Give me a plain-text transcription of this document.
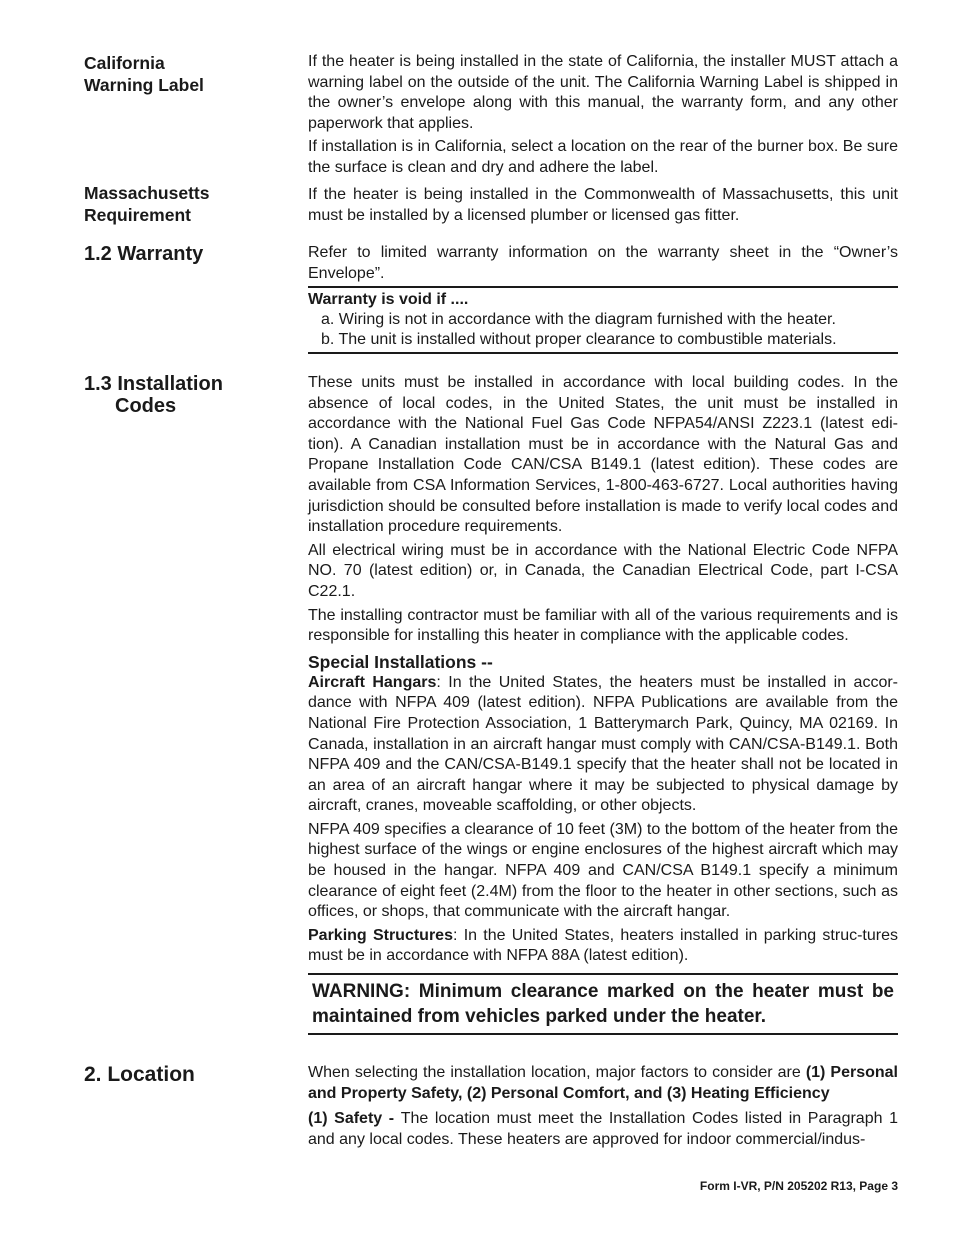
California
Warning Label

If the heater is being installed in the state of California, the installer MUST attach a warning label on the outside of the unit. The California Warning Label is shipped in the owner’s envelope along with this manual, the warranty form, and any other paperwork that applies.

If installation is in California, select a location on the rear of the burner box. Be sure the surface is clean and dry and adhere the label.

Massachusetts
Requirement

If the heater is being installed in the Commonwealth of Massachusetts, this unit must be installed by a licensed plumber or licensed gas fitter.

1.2 Warranty	Refer to limited warranty information on the warranty sheet in the “Owner’s Envelope”.

Warranty is void if ....
a. Wiring is not in accordance with the diagram furnished with the heater.
b. The unit is installed without proper clearance to combustible materials.
1.3 Installation
Codes

These units must be installed in accordance with local building codes. In the absence of local codes, in the United States, the unit must be installed in accordance with the National Fuel Gas Code NFPA54/ANSI Z223.1 (latest edi-tion). A Canadian installation must be in accordance with the Natural Gas and Propane Installation Code CAN/CSA B149.1 (latest edition). These codes are available from CSA Information Services, 1-800-463-6727. Local authorities having jurisdiction should be consulted before installation is made to verify local codes and installation procedure requirements.

All electrical wiring must be in accordance with the National Electric Code NFPA NO. 70 (latest edition) or, in Canada, the Canadian Electrical Code, part I-CSA C22.1.

The installing contractor must be familiar with all of the various requirements and is responsible for installing this heater in compliance with the applicable codes.

Special Installations --

Aircraft Hangars: In the United States, the heaters must be installed in accor-dance with NFPA 409 (latest edition). NFPA Publications are available from the National Fire Protection Association, 1 Batterymarch Park, Quincy, MA 02169. In Canada, installation in an aircraft hangar must comply with CAN/CSA-B149.1. Both NFPA 409 and the CAN/CSA-B149.1 specify that the heater shall not be located in an area of an aircraft hangar where it may be subjected to physical damage by aircraft, cranes, moveable scaffolding, or other objects.

NFPA 409 specifies a clearance of 10 feet (3M) to the bottom of the heater from the highest surface of the wings or engine enclosures of the highest aircraft which may be housed in the hangar. NFPA 409 and CAN/CSA B149.1 specify a minimum clearance of eight feet (2.4M) from the floor to the heater in other sections, such as offices, or shops, that communicate with the aircraft hangar.

Parking Structures: In the United States, heaters installed in parking struc-tures must be in accordance with NFPA 88A (latest edition).

WARNING: Minimum clearance marked on the heater must be maintained from vehicles parked under the heater.
2. Location	When selecting the installation location, major factors to consider are (1) Personal and Property Safety, (2) Personal Comfort, and (3) Heating Efficiency

(1) Safety - The location must meet the Installation Codes listed in Paragraph 1 and any local codes. These heaters are approved for indoor commercial/indus-

Form I-VR, P/N 205202 R13, Page 3
